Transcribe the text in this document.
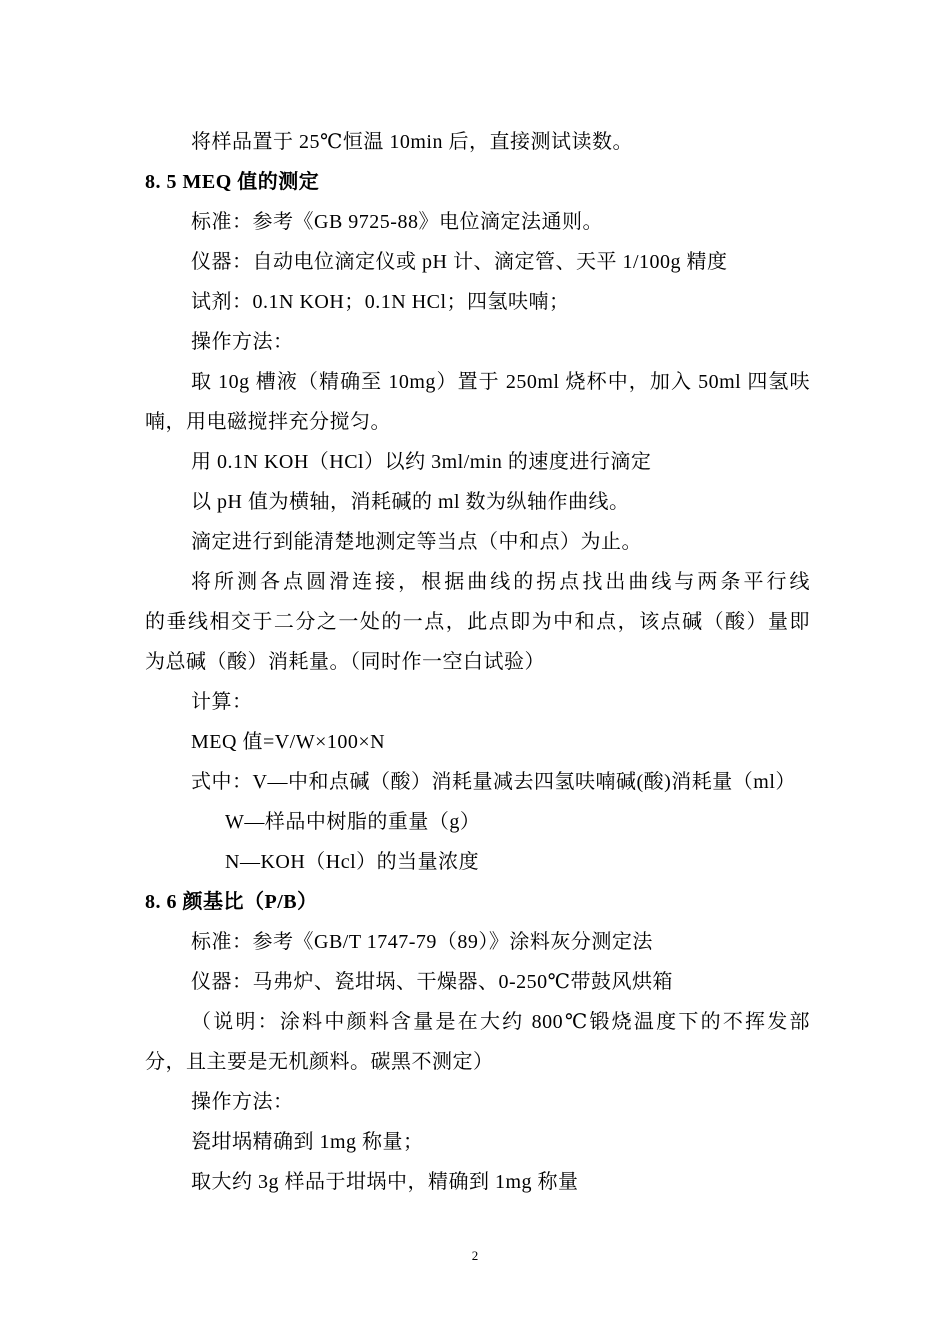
将样品置于 25℃恒温 10min 后，直接测试读数。
8. 5 MEQ 值的测定
标准：参考《GB 9725-88》电位滴定法通则。
仪器：自动电位滴定仪或 pH 计、滴定管、天平 1/100g 精度
试剂：0.1N KOH；0.1N HCl；四氢呋喃；
操作方法：
取 10g 槽液（精确至 10mg）置于 250ml 烧杯中，加入 50ml 四氢呋
喃，用电磁搅拌充分搅匀。
用 0.1N KOH（HCl）以约 3ml/min 的速度进行滴定
以 pH 值为横轴，消耗碱的 ml 数为纵轴作曲线。
滴定进行到能清楚地测定等当点（中和点）为止。
将所测各点圆滑连接，根据曲线的拐点找出曲线与两条平行线
的垂线相交于二分之一处的一点，此点即为中和点，该点碱（酸）量即
为总碱（酸）消耗量。（同时作一空白试验）
计算：
MEQ 值=V/W×100×N
式中：V—中和点碱（酸）消耗量减去四氢呋喃碱(酸)消耗量（ml）
W—样品中树脂的重量（g）
N—KOH（Hcl）的当量浓度
8. 6 颜基比（P/B）
标准：参考《GB/T 1747-79（89）》涂料灰分测定法
仪器：马弗炉、瓷坩埚、干燥器、0-250℃带鼓风烘箱
（说明：涂料中颜料含量是在大约 800℃锻烧温度下的不挥发部
分，且主要是无机颜料。碳黑不测定）
操作方法：
瓷坩埚精确到 1mg 称量；
取大约 3g 样品于坩埚中，精确到 1mg 称量
2
